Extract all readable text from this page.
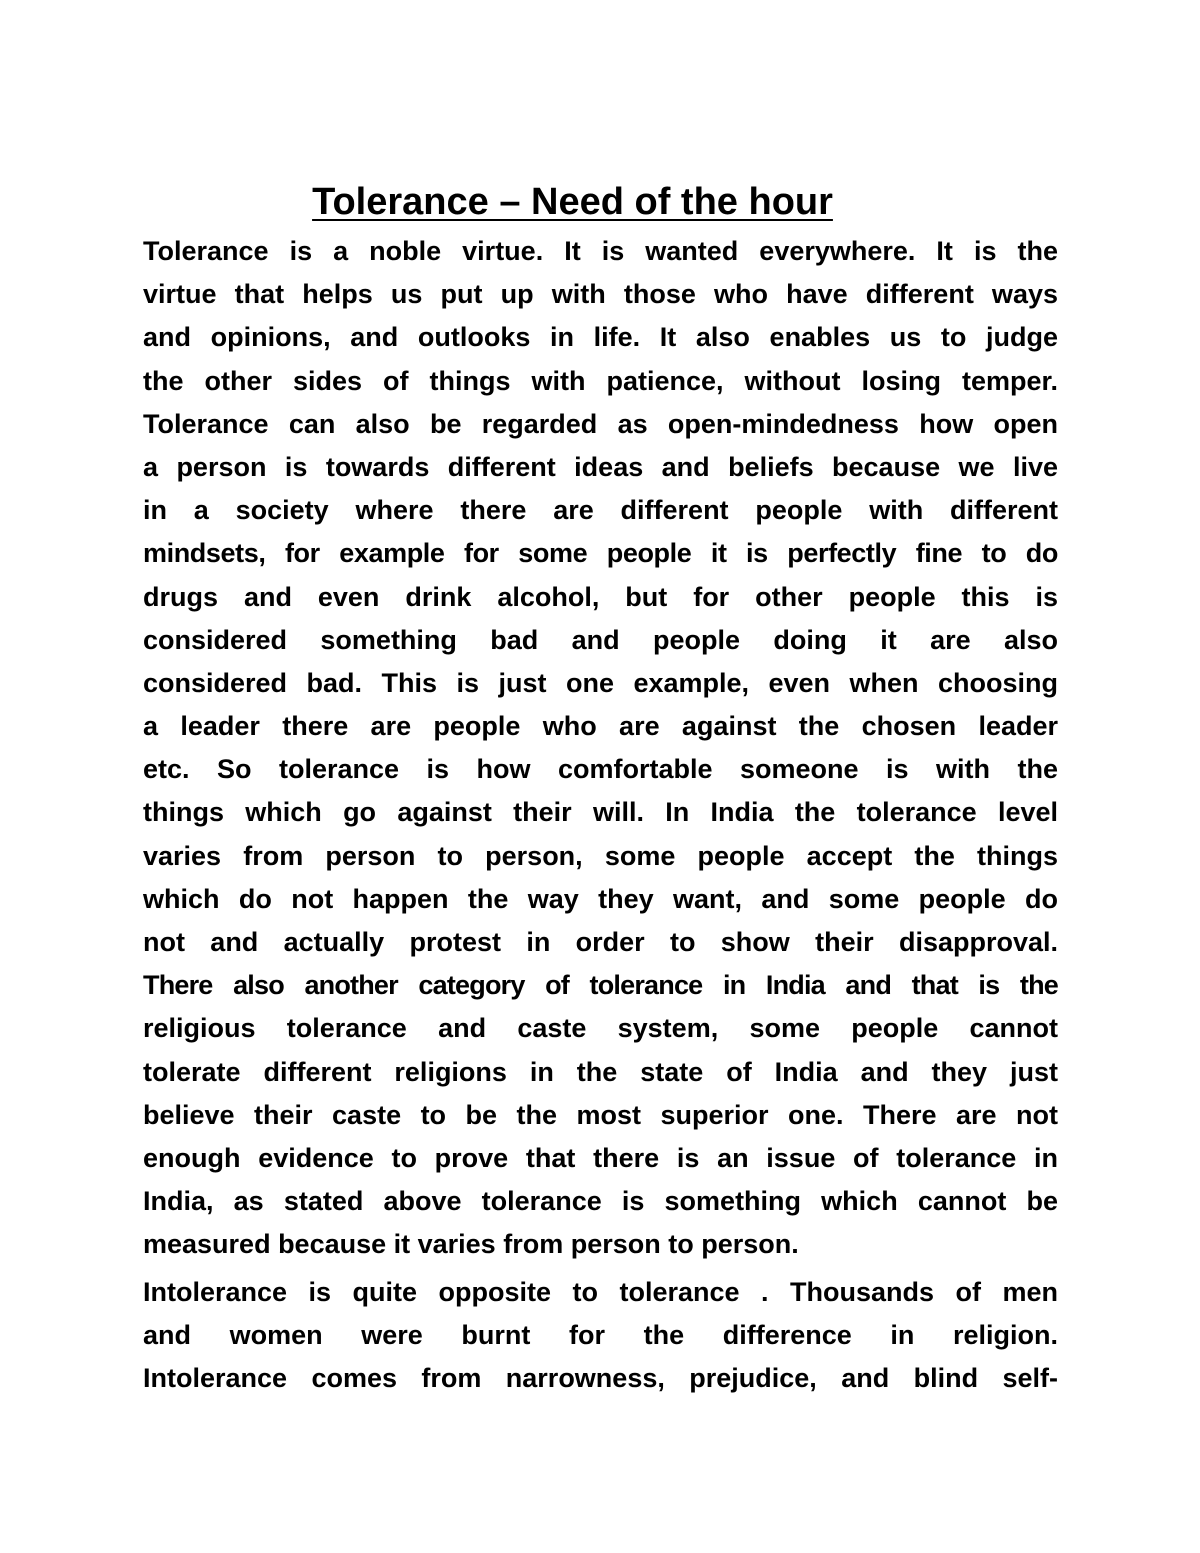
Tolerance – Need of the hour
Tolerance is a noble virtue. It is wanted everywhere. It is the
virtue that helps us put up with those who have different ways
and opinions, and outlooks in life. It also enables us to judge
the other sides of things with patience, without losing temper.
Tolerance can also be regarded as open-mindedness how open
a person is towards different ideas and beliefs because we live
in a society where there are different people with different
mindsets, for example for some people it is perfectly fine to do
drugs and even drink alcohol, but for other people this is
considered something bad and people doing it are also
considered bad. This is just one example, even when choosing
a leader there are people who are against the chosen leader
etc. So tolerance is how comfortable someone is with the
things which go against their will. In India the tolerance level
varies from person to person, some people accept the things
which do not happen the way they want, and some people do
not and actually protest in order to show their disapproval.
There also another category of tolerance in India and that is the
religious tolerance and caste system, some people cannot
tolerate different religions in the state of India and they just
believe their caste to be the most superior one. There are not
enough evidence to prove that there is an issue of tolerance in
India, as stated above tolerance is something which cannot be
measured because it varies from person to person.
Intolerance is quite opposite to tolerance . Thousands of men
and women were burnt for the difference in religion.
Intolerance comes from narrowness, prejudice, and blind self-
